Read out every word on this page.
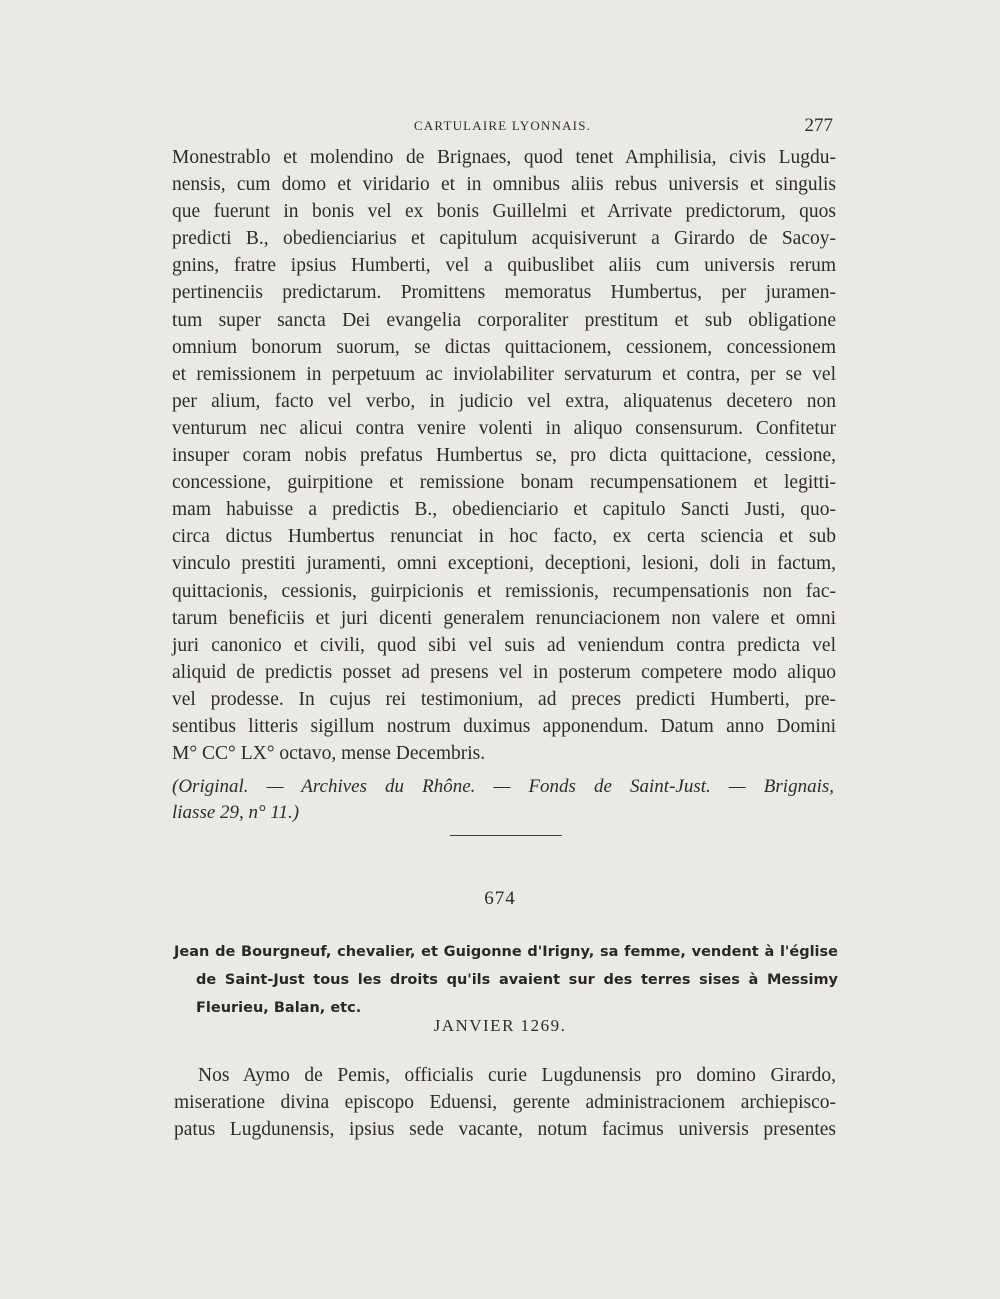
CARTULAIRE LYONNAIS.	277
Monestrablo et molendino de Brignaes, quod tenet Amphilisia, civis Lugdu-
nensis, cum domo et viridario et in omnibus aliis rebus universis et singulis
que fuerunt in bonis vel ex bonis Guillelmi et Arrivate predictorum, quos
predicti B., obedienciarius et capitulum acquisiverunt a Girardo de Sacoy-
gnins, fratre ipsius Humberti, vel a quibuslibet aliis cum universis rerum
pertinenciis predictarum. Promittens memoratus Humbertus, per juramen-
tum super sancta Dei evangelia corporaliter prestitum et sub obligatione
omnium bonorum suorum, se dictas quittacionem, cessionem, concessionem
et remissionem in perpetuum ac inviolabiliter servaturum et contra, per se vel
per alium, facto vel verbo, in judicio vel extra, aliquatenus decetero non
venturum nec alicui contra venire volenti in aliquo consensurum. Confitetur
insuper coram nobis prefatus Humbertus se, pro dicta quittacione, cessione,
concessione, guirpitione et remissione bonam recumpensationem et legitti-
mam habuisse a predictis B., obedienciario et capitulo Sancti Justi, quo-
circa dictus Humbertus renunciat in hoc facto, ex certa sciencia et sub
vinculo prestiti juramenti, omni exceptioni, deceptioni, lesioni, doli in factum,
quittacionis, cessionis, guirpicionis et remissionis, recumpensationis non fac-
tarum beneficiis et juri dicenti generalem renunciacionem non valere et omni
juri canonico et civili, quod sibi vel suis ad veniendum contra predicta vel
aliquid de predictis posset ad presens vel in posterum competere modo aliquo
vel prodesse. In cujus rei testimonium, ad preces predicti Humberti, pre-
sentibus litteris sigillum nostrum duximus apponendum. Datum anno Domini
M° CC° LX° octavo, mense Decembris.
(Original. — Archives du Rhône. — Fonds de Saint-Just. — Brignais,
liasse 29, n° 11.)
674
Jean de Bourgneuf, chevalier, et Guigonne d'Irigny, sa femme, vendent à l'église
de Saint-Just tous les droits qu'ils avaient sur des terres sises à Messimy
Fleurieu, Balan, etc.
JANVIER 1269.
Nos Aymo de Pemis, officialis curie Lugdunensis pro domino Girardo,
miseratione divina episcopo Eduensi, gerente administracionem archiepisco-
patus Lugdunensis, ipsius sede vacante, notum facimus universis presentes
